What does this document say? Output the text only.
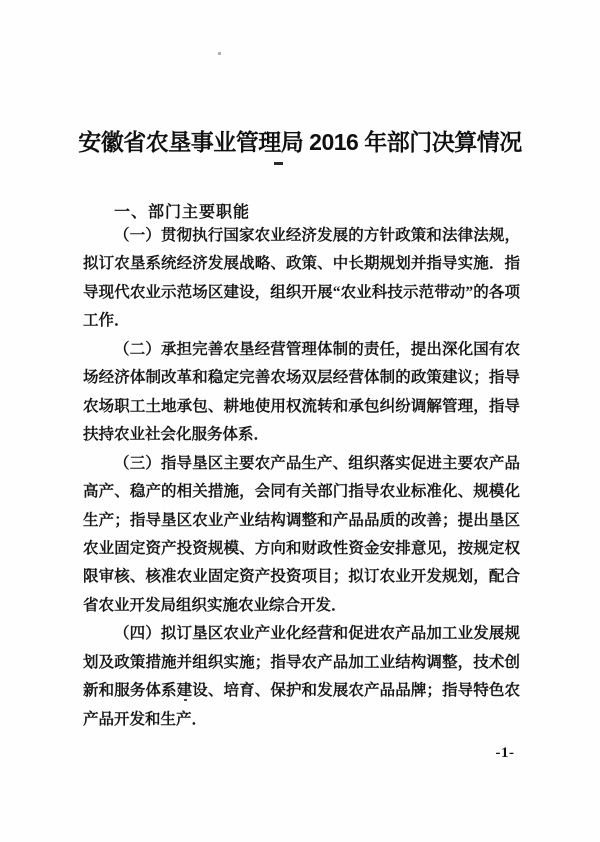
安徽省农垦事业管理局 2016 年部门决算情况
一、部门主要职能

（一）贯彻执行国家农业经济发展的方针政策和法律法规，拟订农垦系统经济发展战略、政策、中长期规划并指导实施．指导现代农业示范场区建设，组织开展“农业科技示范带动”的各项工作．

（二）承担完善农垦经营管理体制的责任，提出深化国有农场经济体制改革和稳定完善农场双层经营体制的政策建议；指导农场职工土地承包、耕地使用权流转和承包纠纷调解管理，指导扶持农业社会化服务体系．

（三）指导垦区主要农产品生产、组织落实促进主要农产品高产、稳产的相关措施，会同有关部门指导农业标准化、规模化生产；指导垦区农业产业结构调整和产品品质的改善；提出垦区农业固定资产投资规模、方向和财政性资金安排意见，按规定权限审核、核准农业固定资产投资项目；拟订农业开发规划，配合省农业开发局组织实施农业综合开发．

（四）拟订垦区农业产业化经营和促进农产品加工业发展规划及政策措施并组织实施；指导农产品加工业结构调整，技术创新和服务体系建设、培育、保护和发展农产品品牌；指导特色农产品开发和生产．

-1-
